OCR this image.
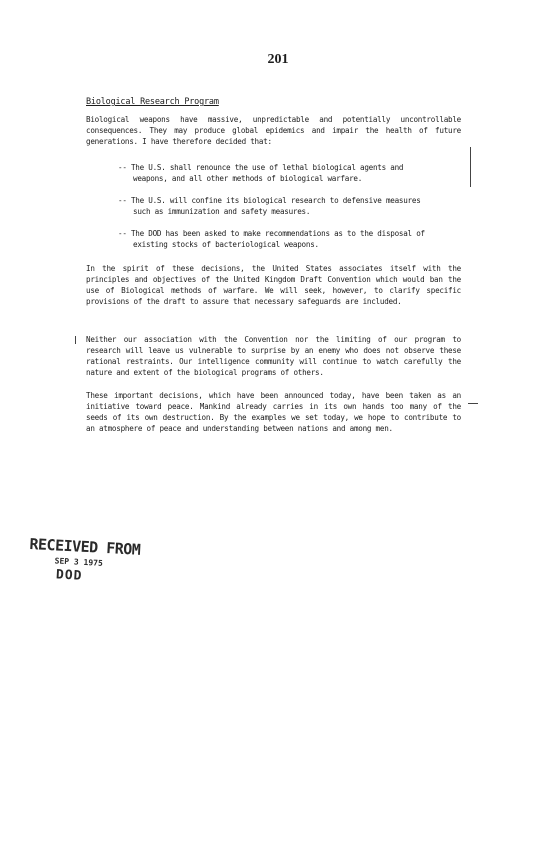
201
Biological Research Program

Biological weapons have massive, unpredictable and potentially uncontrollable consequences. They may produce global epidemics and impair the health of future generations. I have therefore decided that:

-- The U.S. shall renounce the use of lethal biological agents and weapons, and all other methods of biological warfare.

-- The U.S. will confine its biological research to defensive measures such as immunization and safety measures.

-- The DOD has been asked to make recommendations as to the disposal of existing stocks of bacteriological weapons.

In the spirit of these decisions, the United States associates itself with the principles and objectives of the United Kingdom Draft Convention which would ban the use of Biological methods of warfare. We will seek, however, to clarify specific provisions of the draft to assure that necessary safeguards are included.

Neither our association with the Convention nor the limiting of our program to research will leave us vulnerable to surprise by an enemy who does not observe these rational restraints. Our intelligence community will continue to watch carefully the nature and extent of the biological programs of others.

These important decisions, which have been announced today, have been taken as an initiative toward peace. Mankind already carries in its own hands too many of the seeds of its own destruction. By the examples we set today, we hope to contribute to an atmosphere of peace and understanding between nations and among men.

RECEIVED FROM
SEP 3 1975
DOD
